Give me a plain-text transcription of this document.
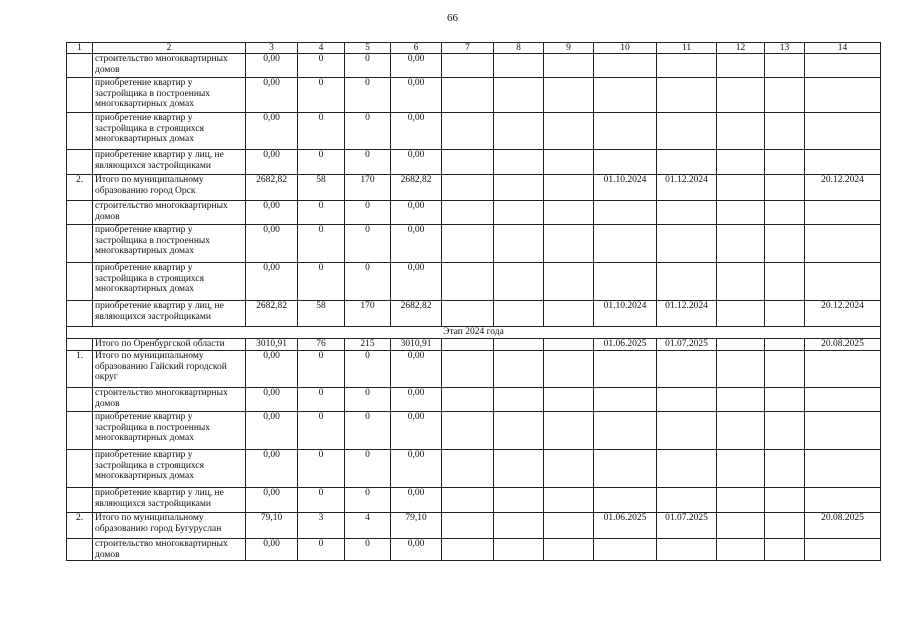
66
1	2	3	4	5	6	7	8	9	10	11	12	13	14
	строительство многоквартирных домов	0,00	0	0	0,00								
	приобретение квартир у застройщика в построенных многоквартирных домах	0,00	0	0	0,00								
	приобретение квартир у застройщика в строящихся многоквартирных домах	0,00	0	0	0,00								
	приобретение квартир у лиц, не являющихся застройщиками	0,00	0	0	0,00								
2.	Итого по муниципальному образованию город Орск	2682,82	58	170	2682,82				01.10.2024	01.12.2024			20.12.2024
	строительство многоквартирных домов	0,00	0	0	0,00								
	приобретение квартир у застройщика в построенных многоквартирных домах	0,00	0	0	0,00								
	приобретение квартир у застройщика в строящихся многоквартирных домах	0,00	0	0	0,00								
	приобретение квартир у лиц, не являющихся застройщиками	2682,82	58	170	2682,82				01.10.2024	01.12.2024			20.12.2024
Этап 2024 года													
	Итого по Оренбургской области	3010,91	76	215	3010,91				01.06.2025	01.07.2025			20.08.2025
1.	Итого по муниципальному образованию Гайский городской округ	0,00	0	0	0,00								
	строительство многоквартирных домов	0,00	0	0	0,00								
	приобретение квартир у застройщика в построенных многоквартирных домах	0,00	0	0	0,00								
	приобретение квартир у застройщика в строящихся многоквартирных домах	0,00	0	0	0,00								
	приобретение квартир у лиц, не являющихся застройщиками	0,00	0	0	0,00								
2.	Итого по муниципальному образованию город Бугуруслан	79,10	3	4	79,10				01.06.2025	01.07.2025			20.08.2025
	строительство многоквартирных домов	0,00	0	0	0,00								
